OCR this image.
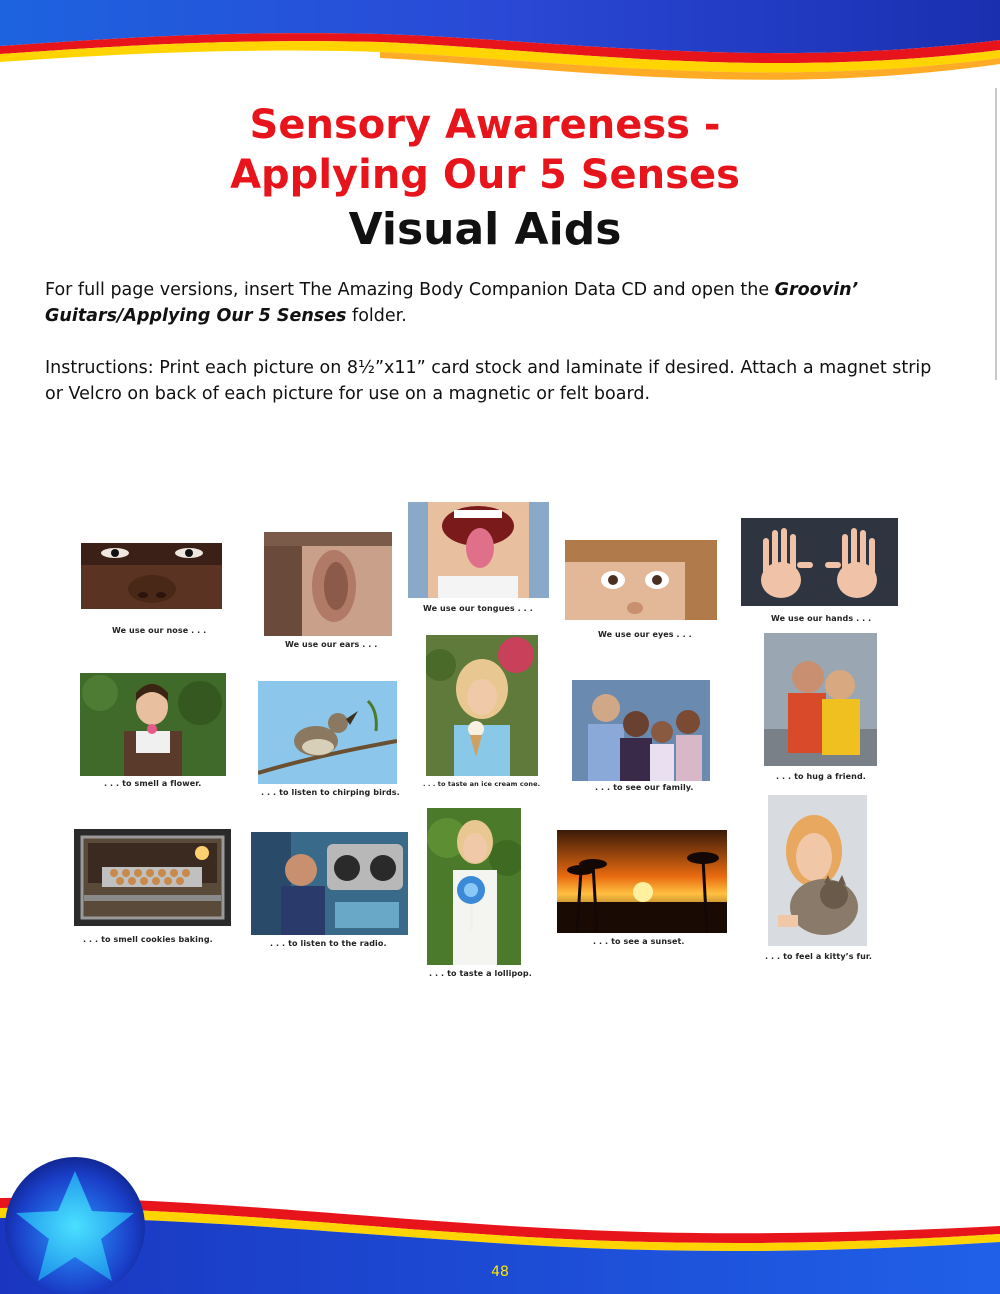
Sensory Awareness -
Applying Our 5 Senses
Visual Aids
For full page versions, insert The Amazing Body Companion Data CD and open the Groovin’ Guitars/Applying Our 5 Senses folder.
Instructions: Print each picture on 8½”x11” card stock and laminate if desired. Attach a magnet strip or Velcro on back of each picture for use on a magnetic or felt board.
We use our nose . . .
We use our ears . . .
We use our tongues . . .
We use our eyes . . .
We use our hands . . .
. . . to smell a flower.
. . . to listen to chirping birds.
. . . to taste an ice cream cone.	. . . to see our family.
. . . to hug a friend.
. . . to smell cookies baking.	. . . to listen to the radio.
. . . to taste a lollipop.
. . . to see a sunset.
. . . to feel a kitty’s fur.
48
